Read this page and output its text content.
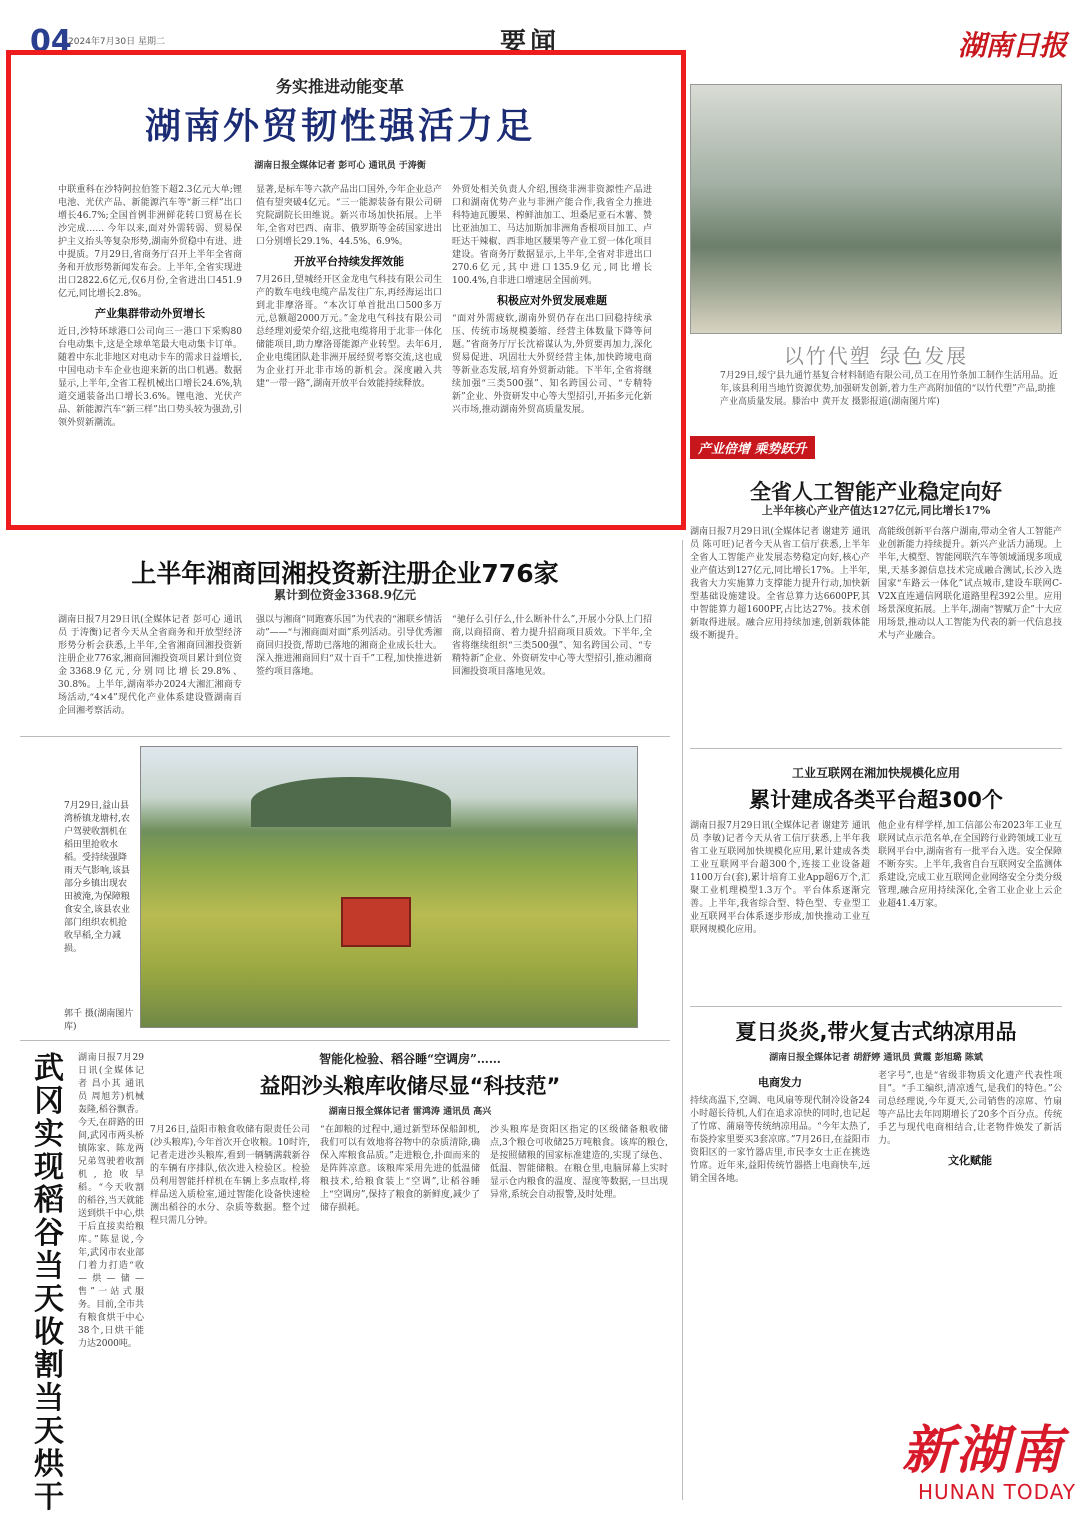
04
2024年7月30日 星期二	要闻	湖南日报
务实推进动能变革
湖南外贸韧性强活力足
湖南日报全媒体记者 彭可心 通讯员 于涛衡

中联重科在沙特阿拉伯签下超2.3亿元大单;锂电池、光伏产品、新能源汽车等“新三样”出口增长46.7%;全国首例非洲鲜花转口贸易在长沙完成…… 今年以来,面对外需转弱、贸易保护主义抬头等复杂形势,湖南外贸稳中有进、进中提质。7月29日,省商务厅召开上半年全省商务和开放形势新闻发布会。上半年,全省实现进出口2822.6亿元,仅6月份,全省进出口451.9亿元,同比增长2.8%。

产业集群带动外贸增长

近日,沙特环球港口公司向三一港口下采购80台电动集卡,这是全球单笔最大电动集卡订单。随着中东北非地区对电动卡车的需求日益增长,中国电动卡车企业也迎来新的出口机遇。数据显示,上半年,全省工程机械出口增长24.6%,轨道交通装备出口增长3.6%。锂电池、光伏产品、新能源汽车“新三样”出口势头较为强劲,引领外贸新潮流。

显著,是标车等六款产品出口国外,今年企业总产值有望突破4亿元。“三一能源装备有限公司研究院副院长田维说。新兴市场加快拓展。上半年,全省对巴西、南非、俄罗斯等金砖国家进出口分别增长29.1%、44.5%、6.9%。

开放平台持续发挥效能

7月26日,望城经开区金龙电气科技有限公司生产的数车电线电缆产品发往广东,再经海运出口到北非摩洛哥。“本次订单首批出口500多万元,总额超2000万元。”金龙电气科技有限公司总经理刘爱荣介绍,这批电缆将用于北非一体化储能项目,助力摩洛哥能源产业转型。去年6月,企业电缆团队赴非洲开展经贸考察交流,这也成为企业打开北非市场的新机会。深度融入共建“一带一路”,湖南开放平台效能持续释放。

外贸处相关负责人介绍,围绕非洲非资源性产品进口和湖南优势产业与非洲产能合作,我省全力推进科特迪瓦腰果、榨鲜油加工、坦桑尼亚石木薯、赞比亚油加工、马达加斯加非洲角香根项目加工、卢旺达干辣椒、西非地区腰果等产业工贸一体化项目建设。省商务厅数据显示,上半年,全省对非进出口270.6亿元,其中进口135.9亿元,同比增长100.4%,自非进口增速居全国前列。

积极应对外贸发展难题

“面对外需疲软,湖南外贸仍存在出口回稳持续承压、传统市场规模萎缩、经营主体数量下降等问题。”省商务厅厅长沈裕谋认为,外贸要再加力,深化贸易促进、巩固壮大外贸经营主体,加快跨境电商等新业态发展,培育外贸新动能。下半年,全省将继续加强“三类500强”、知名跨国公司、“专精特新”企业、外资研发中心等大型招引,开拓多元化新兴市场,推动湖南外贸高质量发展。

以竹代塑 绿色发展
7月29日,绥宁县九通竹基复合材料制造有限公司,员工在用竹条加工制作生活用品。近年,该县利用当地竹资源优势,加强研发创新,着力生产高附加值的“以竹代塑”产品,助推产业高质量发展。滕治中 黄开友 摄影报道(湖南图片库)
产业倍增 乘势跃升
全省人工智能产业稳定向好
上半年核心产业产值达127亿元,同比增长17%
湖南日报7月29日讯(全媒体记者 谢建芳 通讯员 陈可旺)记者今天从省工信厅获悉,上半年全省人工智能产业发展态势稳定向好,核心产业产值达到127亿元,同比增长17%。上半年,我省大力实施算力支撑能力提升行动,加快新型基础设施建设。全省总算力达6600PF,其中智能算力超1600PF,占比达27%。技术创新取得进展。融合应用持续加速,创新载体能级不断提升。
高能级创新平台落户湖南,带动全省人工智能产业创新能力持续提升。新兴产业活力涌现。上半年,大模型、智能网联汽车等领域涌现多项成果,天基多源信息技术完成融合测试,长沙入选国家“车路云一体化”试点城市,建设车联网C-V2X直连通信网联化道路里程392公里。应用场景深度拓展。上半年,湖南“智赋万企”十大应用场景,推动以人工智能为代表的新一代信息技术与产业融合。
上半年湘商回湘投资新注册企业776家
累计到位资金3368.9亿元
湖南日报7月29日讯(全媒体记者 彭可心 通讯员 于涛衡)记者今天从全省商务和开放型经济形势分析会获悉,上半年,全省湘商回湘投资新注册企业776家,湘商回湘投资项目累计到位资金3368.9亿元,分别同比增长29.8%、30.8%。上半年,湖南举办2024大湘汇湘商专场活动,“4×4”现代化产业体系建设暨湖南百企回湘考察活动。
强以与湘商“同跑赛乐国”为代表的“湘联乡情活动”——“与湘商面对面”系列活动。引导优秀湘商回归投资,帮助已落地的湘商企业成长壮大。深入推进湘商回归“双十百千”工程,加快推进新签约项目落地。
“驰仔么引仔么,什么断补什么”,开展小分队上门招商,以商招商、着力提升招商项目质效。下半年,全省将继续组织“三类500强”、知名跨国公司、“专精特新”企业、外资研发中心等大型招引,推动湘商回湘投资项目落地见效。
7月29日,益山县湾桥镇龙塘村,农户驾驶收割机在稻田里抢收水稻。受持续强降雨天气影响,该县部分乡镇出现农田被淹,为保障粮食安全,该县农业部门组织农机抢收早稻,全力减损。
郭千 摄(湖南图片库)
工业互联网在湘加快规模化应用
累计建成各类平台超300个
湖南日报7月29日讯(全媒体记者 谢建芳 通讯员 李敏)记者今天从省工信厅获悉,上半年我省工业互联网加快规模化应用,累计建成各类工业互联网平台超300个,连接工业设备超1100万台(套),累计培育工业App超6万个,汇聚工业机理模型1.3万个。平台体系逐渐完善。上半年,我省综合型、特色型、专业型工业互联网平台体系逐步形成,加快推动工业互联网规模化应用。
他企业有样学样,加工信部公布2023年工业互联网试点示范名单,在全国跨行业跨领域工业互联网平台中,湖南省有一批平台入选。安全保障不断夯实。上半年,我省自台互联网安全监测体系建设,完成工业互联网企业网络安全分类分级管理,融合应用持续深化,全省工业企业上云企业超41.4万家。
武冈实现稻谷当天收割当天烘干
湖南日报7月29日讯(全媒体记者 昌小其 通讯员 周旭芳)机械轰隆,稻谷飘香。今天,在辟路的田间,武冈市两头桥镇陈家、陈龙两兄弟驾驶着收割机,抢收早稻。“今天收割的稻谷,当天就能送到烘干中心,烘干后直接卖给粮库。”陈显说,今年,武冈市农业部门着力打造“收—烘—储—售”一站式服务。目前,全市共有粮食烘干中心38个,日烘干能力达2000吨。
智能化检验、稻谷睡“空调房”……
益阳沙头粮库收储尽显“科技范”
湖南日报全媒体记者 雷鸿涛 通讯员 高兴
7月26日,益阳市粮食收储有限责任公司(沙头粮库),今年首次开仓收粮。10时许,记者走进沙头粮库,看到一辆辆满载新谷的车辆有序排队,依次进入检验区。检验员利用智能扦样机在车辆上多点取样,将样品送入质检室,通过智能化设备快速检测出稻谷的水分、杂质等数据。整个过程只需几分钟。
“在卸粮的过程中,通过新型环保船卸机,我们可以有效地将谷物中的杂质清除,确保入库粮食品质。”走进粮仓,扑面而来的是阵阵凉意。该粮库采用先进的低温储粮技术,给粮食装上“空调”,让稻谷睡上“空调房”,保持了粮食的新鲜度,减少了储存损耗。
沙头粮库是资阳区指定的区级储备粮收储点,3个粮仓可收储25万吨粮食。该库的粮仓,是按照储粮的国家标准建造的,实现了绿色、低温、智能储粮。在粮仓里,电脑屏幕上实时显示仓内粮食的温度、湿度等数据,一旦出现异常,系统会自动报警,及时处理。
夏日炎炎,带火复古式纳凉用品
湖南日报全媒体记者 胡舒婷 通讯员 黄霞 彭旭璐 陈斌
电商发力

持续高温下,空调、电风扇等现代制冷设备24小时超长待机,人们在追求凉快的同时,也记起了竹席、蒲扇等传统纳凉用品。“今年太热了,布袋拎家里要买3套凉席。”7月26日,在益阳市资阳区的一家竹器店里,市民李女士正在挑选竹席。近年来,益阳传统竹器搭上电商快车,远销全国各地。

老字号”,也是“省级非物质文化遗产代表性项目”。“手工编织,清凉透气,是我们的特色。”公司总经理说,今年夏天,公司销售的凉席、竹扇等产品比去年同期增长了20多个百分点。传统手艺与现代电商相结合,让老物件焕发了新活力。

文化赋能
新湖南
HUNAN TODAY
